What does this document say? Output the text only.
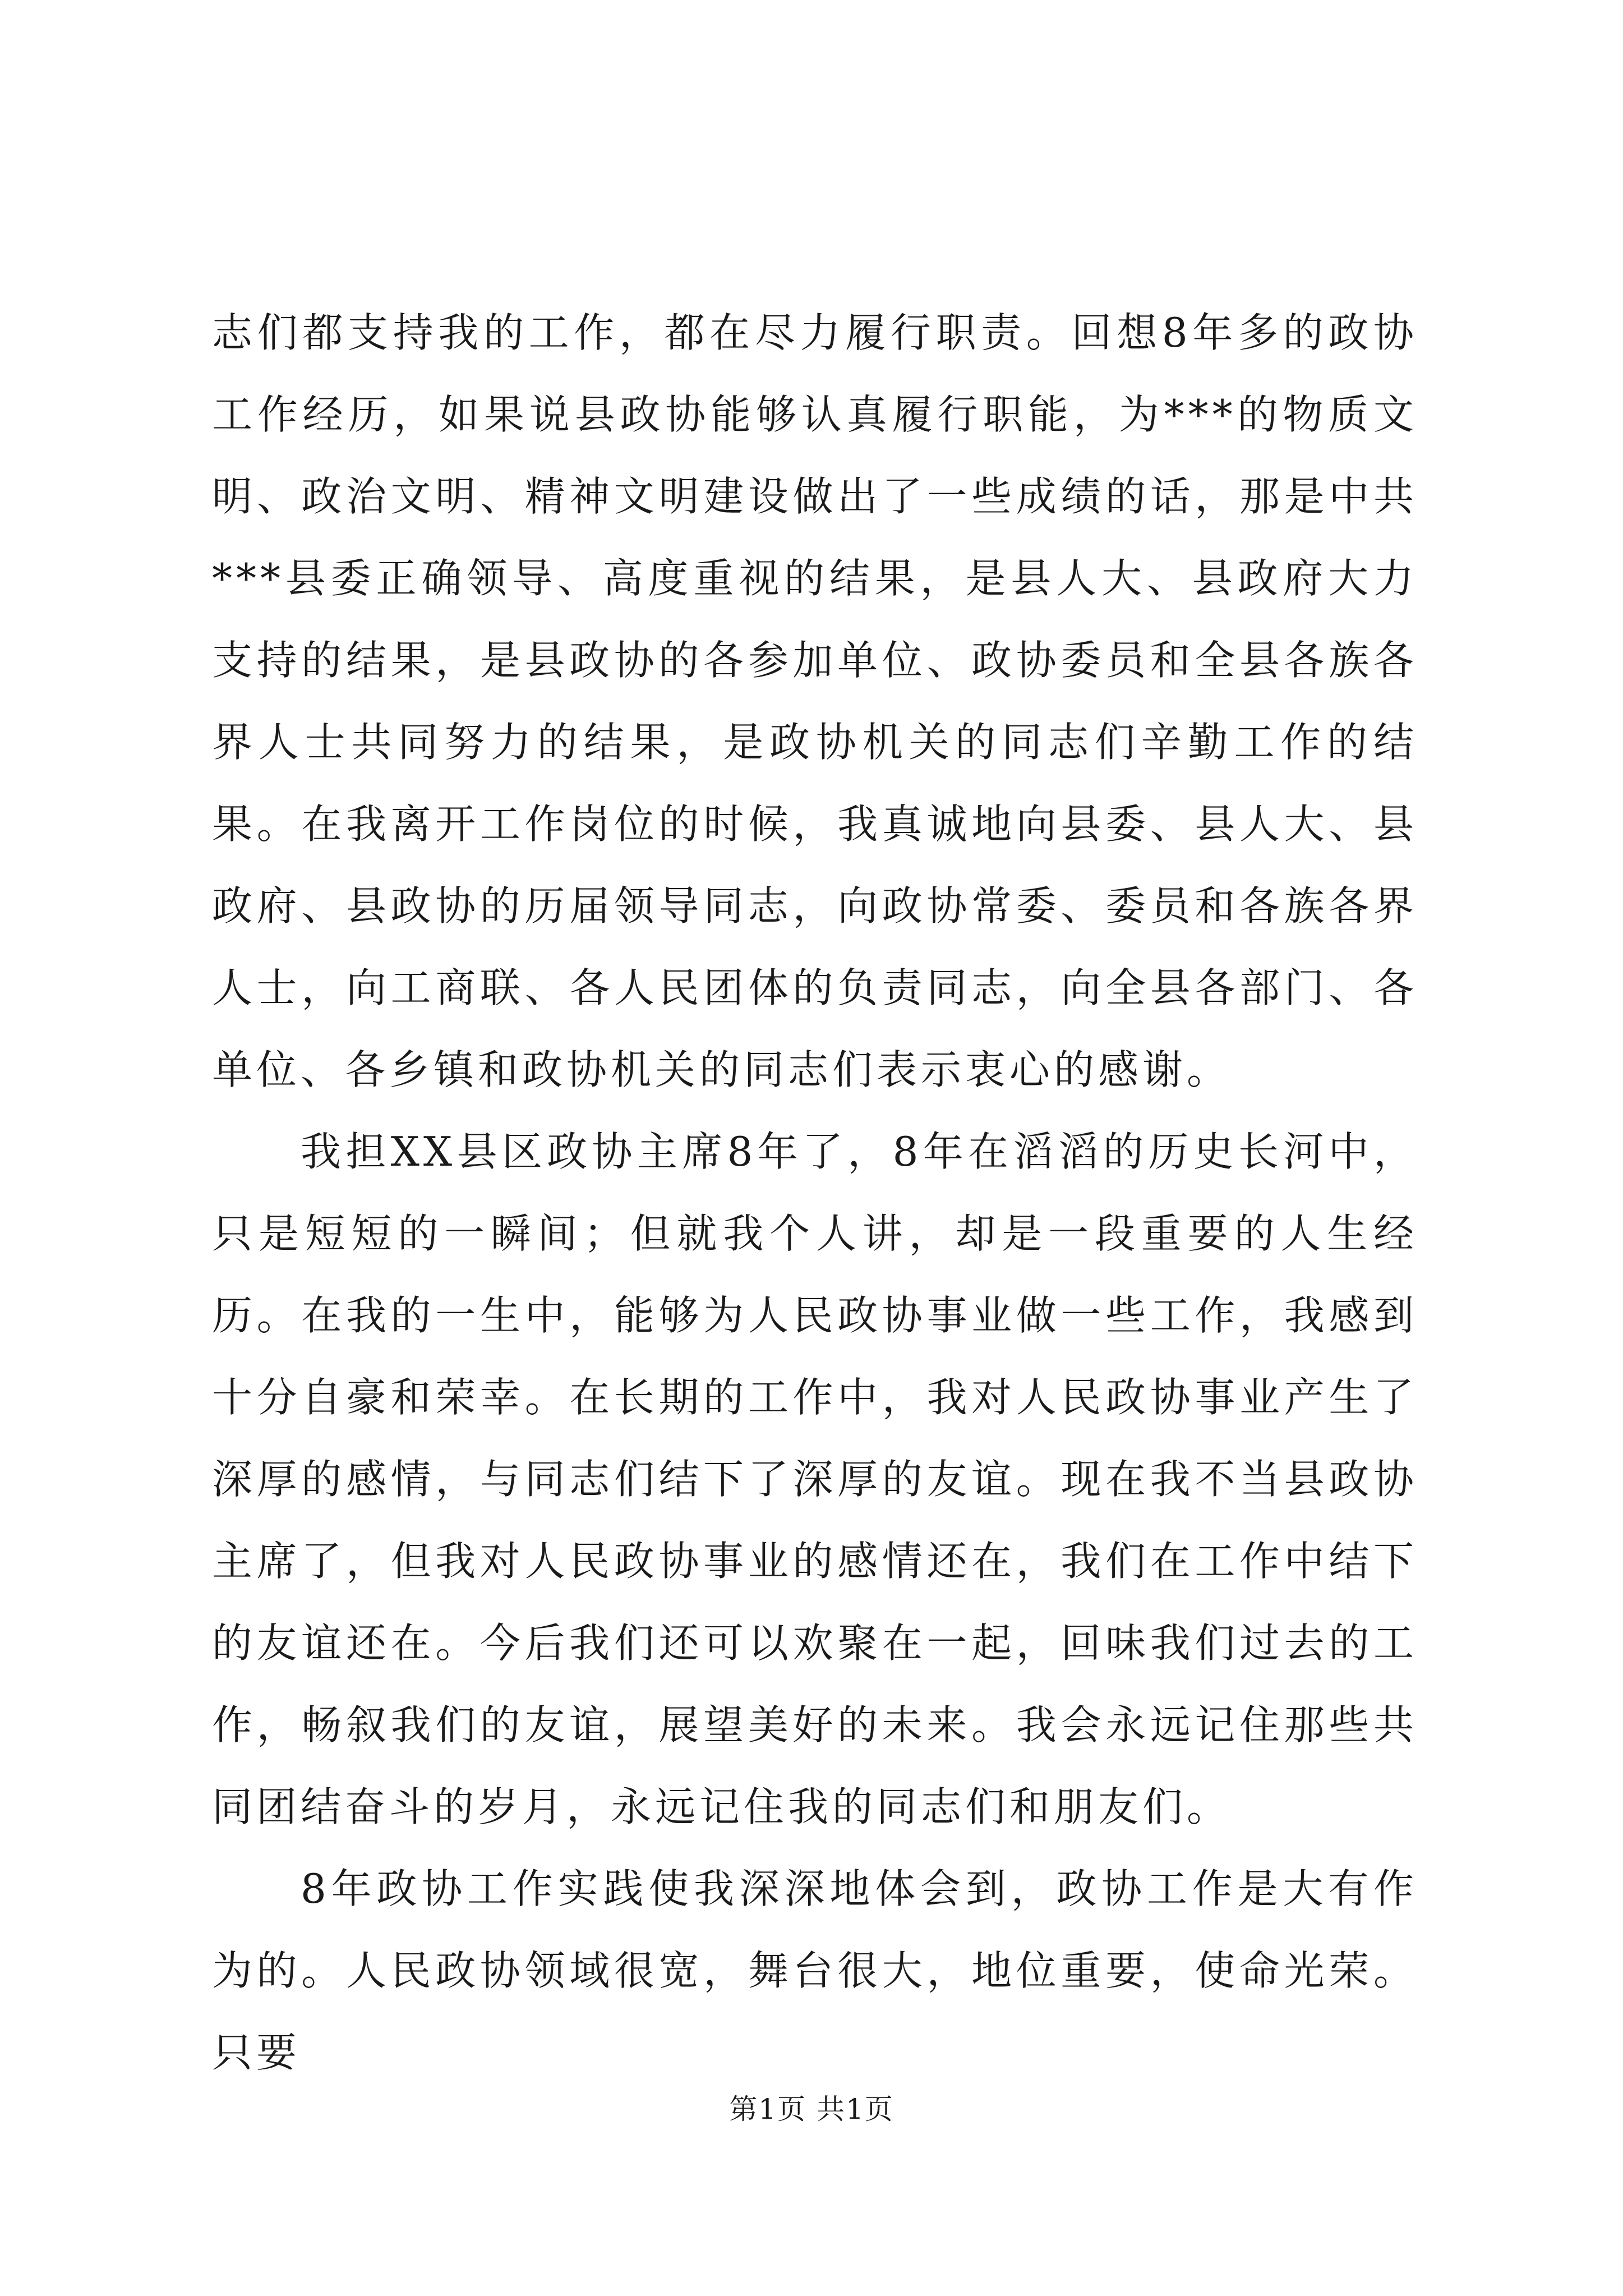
志们都支持我的工作，都在尽力履行职责。回想8年多的政协工作经历，如果说县政协能够认真履行职能，为***的物质文明、政治文明、精神文明建设做出了一些成绩的话，那是中共***县委正确领导、高度重视的结果，是县人大、县政府大力支持的结果，是县政协的各参加单位、政协委员和全县各族各界人士共同努力的结果，是政协机关的同志们辛勤工作的结果。在我离开工作岗位的时候，我真诚地向县委、县人大、县政府、县政协的历届领导同志，向政协常委、委员和各族各界人士，向工商联、各人民团体的负责同志，向全县各部门、各单位、各乡镇和政协机关的同志们表示衷心的感谢。

我担XX县区政协主席8年了，8年在滔滔的历史长河中，只是短短的一瞬间；但就我个人讲，却是一段重要的人生经历。在我的一生中，能够为人民政协事业做一些工作，我感到十分自豪和荣幸。在长期的工作中，我对人民政协事业产生了深厚的感情，与同志们结下了深厚的友谊。现在我不当县政协主席了，但我对人民政协事业的感情还在，我们在工作中结下的友谊还在。今后我们还可以欢聚在一起，回味我们过去的工作，畅叙我们的友谊，展望美好的未来。我会永远记住那些共同团结奋斗的岁月，永远记住我的同志们和朋友们。

8年政协工作实践使我深深地体会到，政协工作是大有作为的。人民政协领域很宽，舞台很大，地位重要，使命光荣。只要

第1页 共1页
